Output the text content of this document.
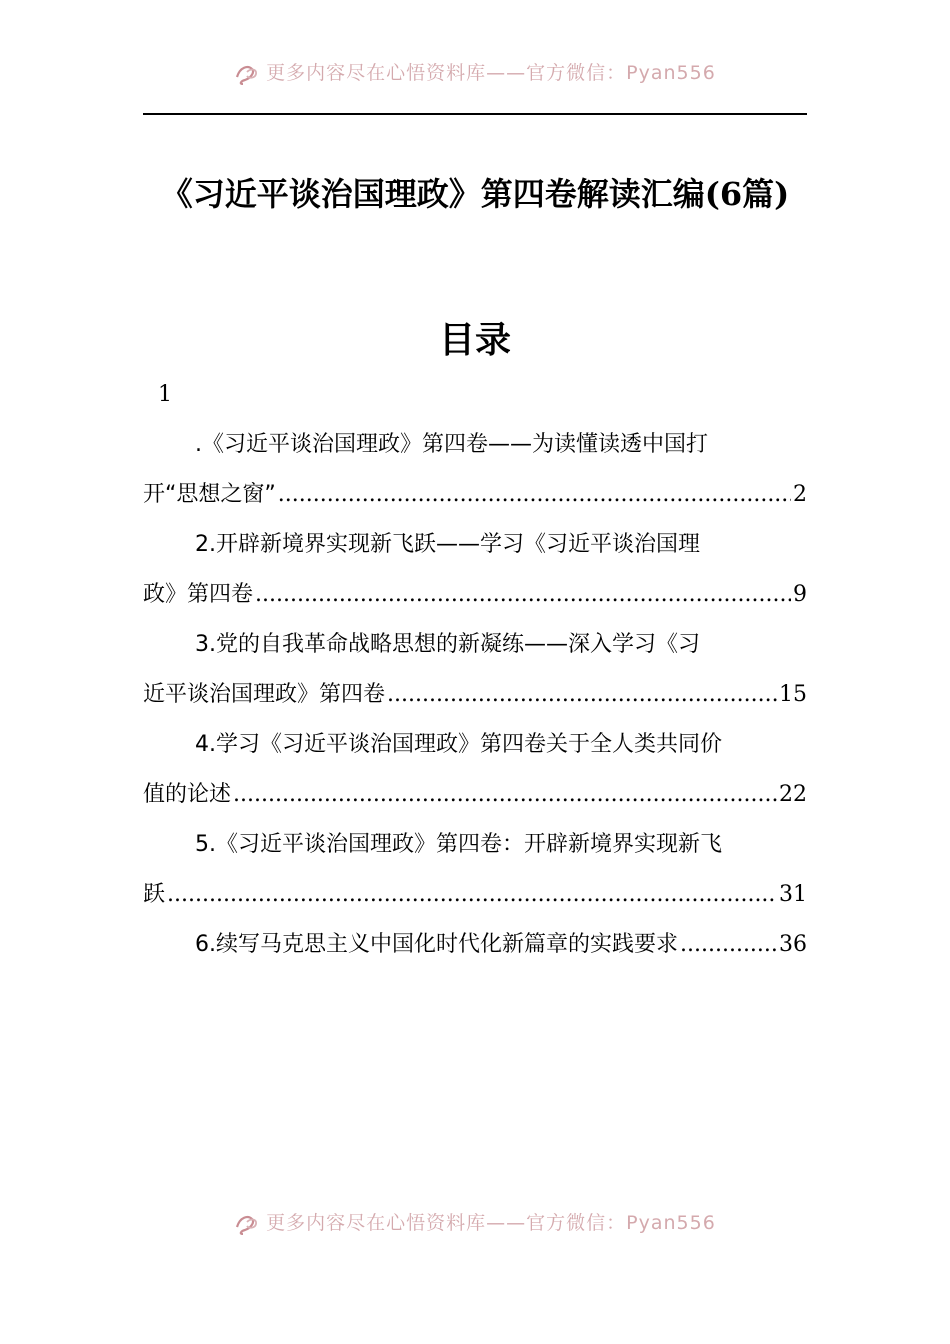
更多内容尽在心悟资料库——官方微信：Pyan556
《习近平谈治国理政》第四卷解读汇编(6篇)
目录
1
.《习近平谈治国理政》第四卷——为读懂读透中国打
开“思想之窗” .....	2
2.开辟新境界实现新飞跃——学习《习近平谈治国理
政》第四卷 .....	9
3.党的自我革命战略思想的新凝练——深入学习《习
近平谈治国理政》第四卷 .....	15
4.学习《习近平谈治国理政》第四卷关于全人类共同价
值的论述 .....	22
5.《习近平谈治国理政》第四卷：开辟新境界实现新飞
跃 .....	31
6.续写马克思主义中国化时代化新篇章的实践要求 .....	36
更多内容尽在心悟资料库——官方微信：Pyan556
